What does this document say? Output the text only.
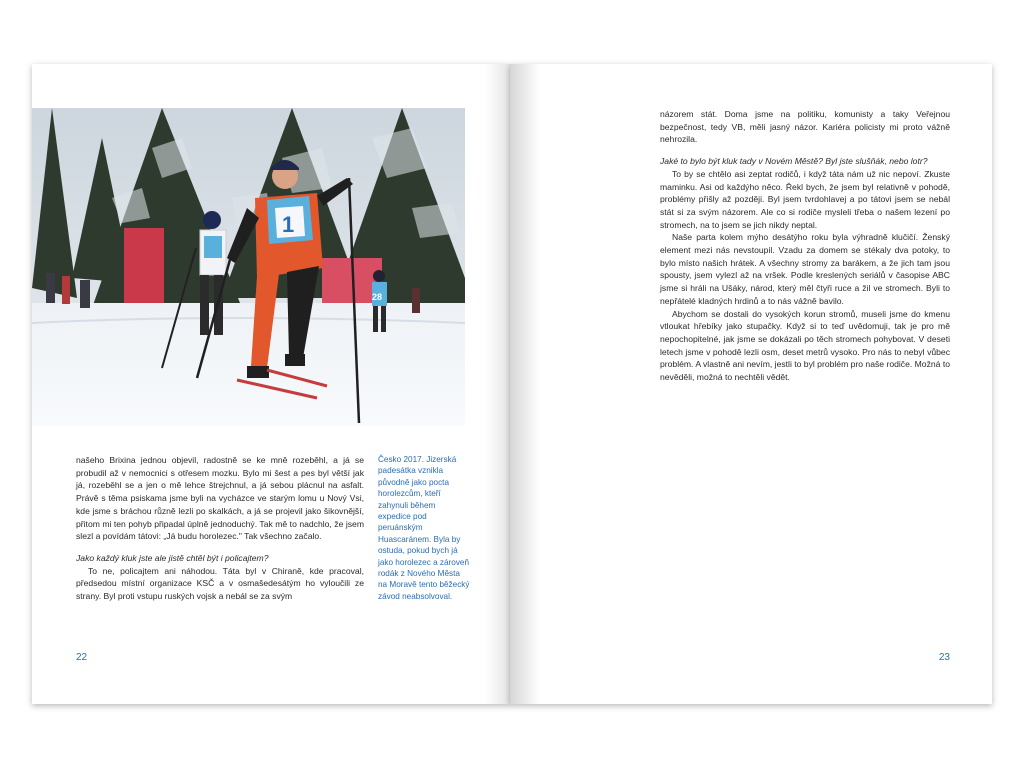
1
28

našeho Brixina jednou objevil, radostně se ke mně rozeběhl, a já se probudil až v nemocnici s otřesem mozku. Bylo mi šest a pes byl větší jak já, rozeběhl se a jen o mě lehce štrejchnul, a já sebou plácnul na asfalt. Právě s těma psiskama jsme byli na vycházce ve starým lomu u Nový Vsi, kde jsme s bráchou různě lezli po skalkách, a já se projevil jako šikovnější, přitom mi ten pohyb připadal úplně jednoduchý. Tak mě to nadchlo, že jsem slezl a povídám tátovi: „Já budu horolezec." Tak všechno začalo.

Jako každý kluk jste ale jistě chtěl být i policajtem?

To ne, policajtem ani náhodou. Táta byl v Chiraně, kde pracoval, předsedou místní organizace KSČ a v osmašedesátým ho vyloučili ze strany. Byl proti vstupu ruských vojsk a nebál se za svým

Česko 2017. Jizerská padesátka vznikla původně jako pocta horolezcům, kteří zahynuli během expedice pod peruánským Huascaránem. Byla by ostuda, pokud bych já jako horolezec a zároveň rodák z Nového Města na Moravě tento běžecký závod neabsolvoval.
22

názorem stát. Doma jsme na politiku, komunisty a taky Veřejnou bezpečnost, tedy VB, měli jasný názor. Kariéra policisty mi proto vážně nehrozila.

Jaké to bylo být kluk tady v Novém Městě? Byl jste slušňák, nebo lotr?

To by se chtělo asi zeptat rodičů, i když táta nám už nic nepoví. Zkuste maminku. Asi od každýho něco. Řekl bych, že jsem byl relativně v pohodě, problémy přišly až později. Byl jsem tvrdohlavej a po tátovi jsem se nebál stát si za svým názorem. Ale co si rodiče mysleli třeba o našem lezení po stromech, na to jsem se jich nikdy neptal.

Naše parta kolem mýho desátýho roku byla výhradně klučičí. Ženský element mezi nás nevstoupil. Vzadu za domem se stékaly dva potoky, to bylo místo našich hrátek. A všechny stromy za barákem, a že jich tam jsou spousty, jsem vylezl až na vršek. Podle kreslených seriálů v časopise ABC jsme si hráli na Ušáky, národ, který měl čtyři ruce a žil ve stromech. Byli to nepřátelé kladných hrdinů a to nás vážně bavilo.

Abychom se dostali do vysokých korun stromů, museli jsme do kmenu vtloukat hřebíky jako stupačky. Když si to teď uvědomuji, tak je pro mě nepochopitelné, jak jsme se dokázali po těch stromech pohybovat. V deseti letech jsme v pohodě lezli osm, deset metrů vysoko. Pro nás to nebyl vůbec problém. A vlastně ani nevím, jestli to byl problém pro naše rodiče. Možná to nevěděli, možná to nechtěli vědět.

23
